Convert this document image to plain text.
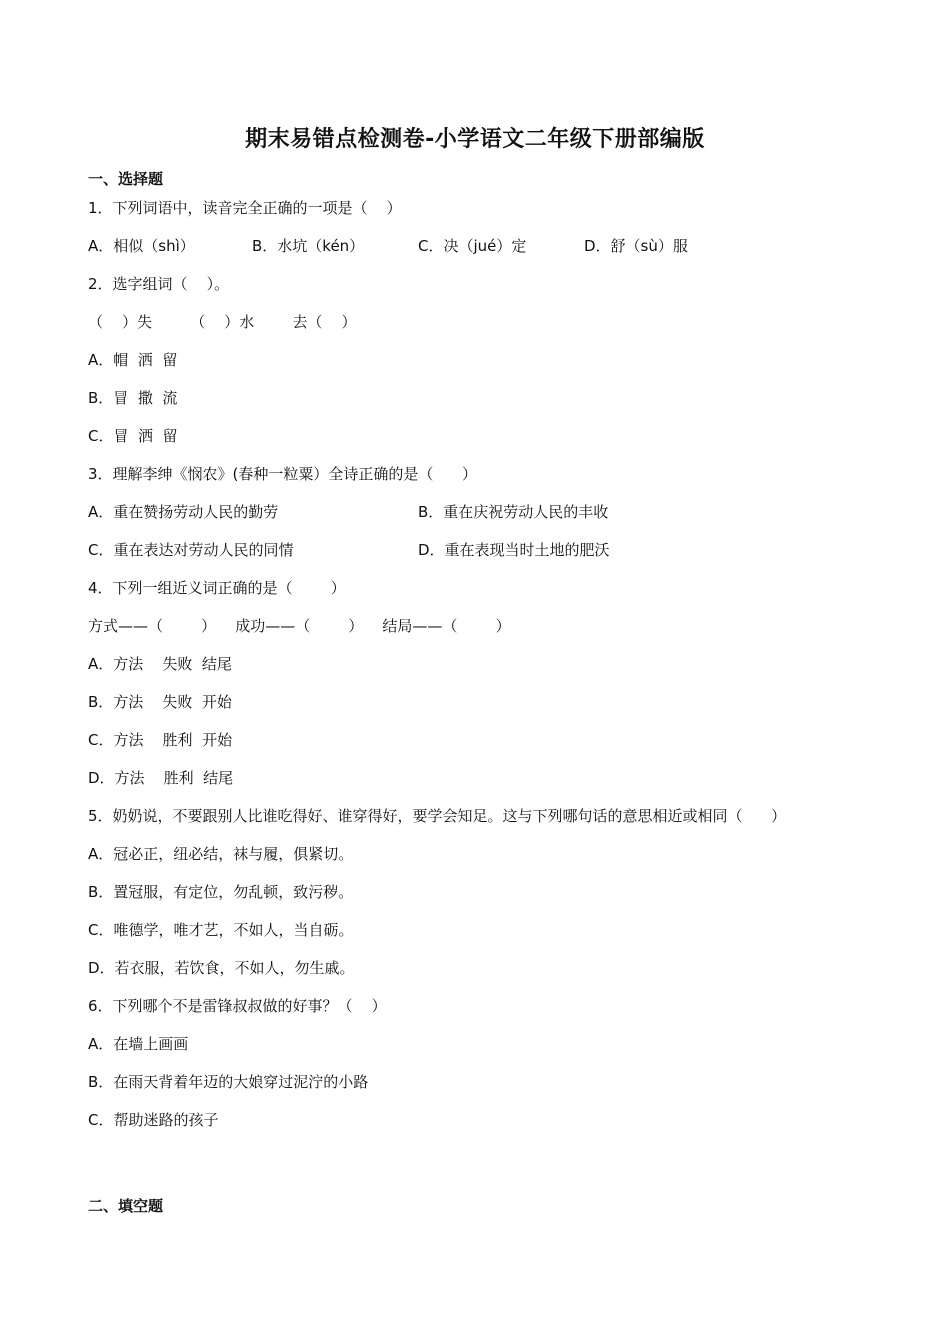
期末易错点检测卷-小学语文二年级下册部编版
一、选择题
1．下列词语中，读音完全正确的一项是（    ）
A．相似（shì）	B．水坑（kén）	C．决（jué）定	D．舒（sù）服
2．选字组词（    ）。
（    ）失        （    ）水        去（    ）
A．帽  洒  留
B．冒  撒  流
C．冒  洒  留
3．理解李绅《悯农》(春种一粒粟）全诗正确的是（      ）
A．重在赞扬劳动人民的勤劳	B．重在庆祝劳动人民的丰收
C．重在表达对劳动人民的同情	D．重在表现当时土地的肥沃
4．下列一组近义词正确的是（        ）
方式——（        ）    成功——（        ）    结局——（        ）
A．方法    失败  结尾
B．方法    失败  开始
C．方法    胜利  开始
D．方法    胜利  结尾
5．奶奶说，不要跟别人比谁吃得好、谁穿得好，要学会知足。这与下列哪句话的意思相近或相同（      ）
A．冠必正，纽必结，袜与履，俱紧切。
B．置冠服，有定位，勿乱顿，致污秽。
C．唯德学，唯才艺，不如人，当自砺。
D．若衣服，若饮食，不如人，勿生戚。
6．下列哪个不是雷锋叔叔做的好事？（    ）
A．在墙上画画
B．在雨天背着年迈的大娘穿过泥泞的小路
C．帮助迷路的孩子
二、填空题
